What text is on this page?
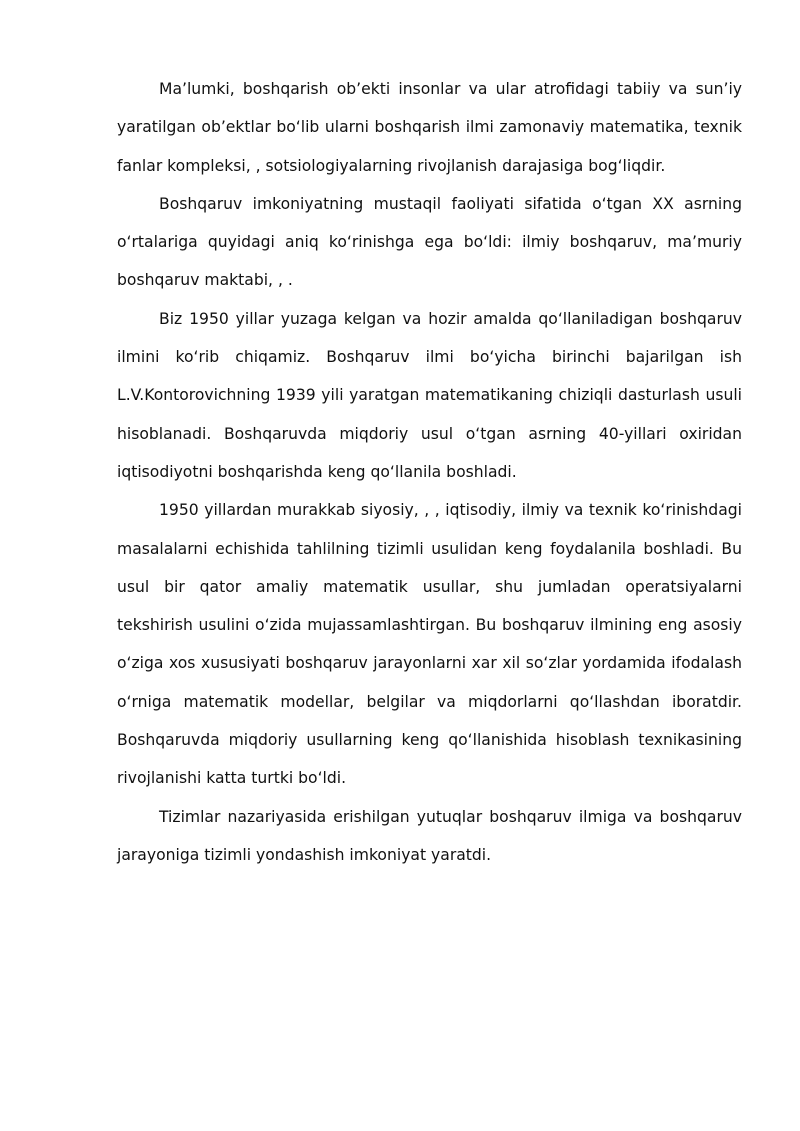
Ma’lumki, boshqarish ob’ekti insonlar va ular atrofidagi tabiiy va sun’iy yaratilgan ob’ektlar bo‘lib ularni boshqarish ilmi zamonaviy matematika, texnik fanlar kompleksi, , sotsiologiyalarning rivojlanish darajasiga bog‘liqdir.

Boshqaruv imkoniyatning mustaqil faoliyati sifatida o‘tgan XX asrning o‘rtalariga quyidagi aniq ko‘rinishga ega bo‘ldi: ilmiy boshqaruv, ma’muriy boshqaruv maktabi, , .

Biz 1950 yillar yuzaga kelgan va hozir amalda qo‘llaniladigan boshqaruv ilmini ko‘rib chiqamiz. Boshqaruv ilmi bo‘yicha birinchi bajarilgan ish L.V.Kontorovichning 1939 yili yaratgan matematikaning chiziqli dasturlash usuli hisoblanadi. Boshqaruvda miqdoriy usul o‘tgan asrning 40-yillari oxiridan iqtisodiyotni boshqarishda keng qo‘llanila boshladi.

1950 yillardan murakkab siyosiy, , , iqtisodiy, ilmiy va texnik ko‘rinishdagi masalalarni echishida tahlilning tizimli usulidan keng foydalanila boshladi. Bu usul bir qator amaliy matematik usullar, shu jumladan operatsiyalarni tekshirish usulini o‘zida mujassamlashtirgan. Bu boshqaruv ilmining eng asosiy o‘ziga xos xususiyati boshqaruv jarayonlarni xar xil so‘zlar yordamida ifodalash o‘rniga matematik modellar, belgilar va miqdorlarni qo‘llashdan iboratdir. Boshqaruvda miqdoriy usullarning keng qo‘llanishida hisoblash texnikasining rivojlanishi katta turtki bo‘ldi.

Tizimlar nazariyasida erishilgan yutuqlar boshqaruv ilmiga va boshqaruv jarayoniga tizimli yondashish imkoniyat yaratdi.
